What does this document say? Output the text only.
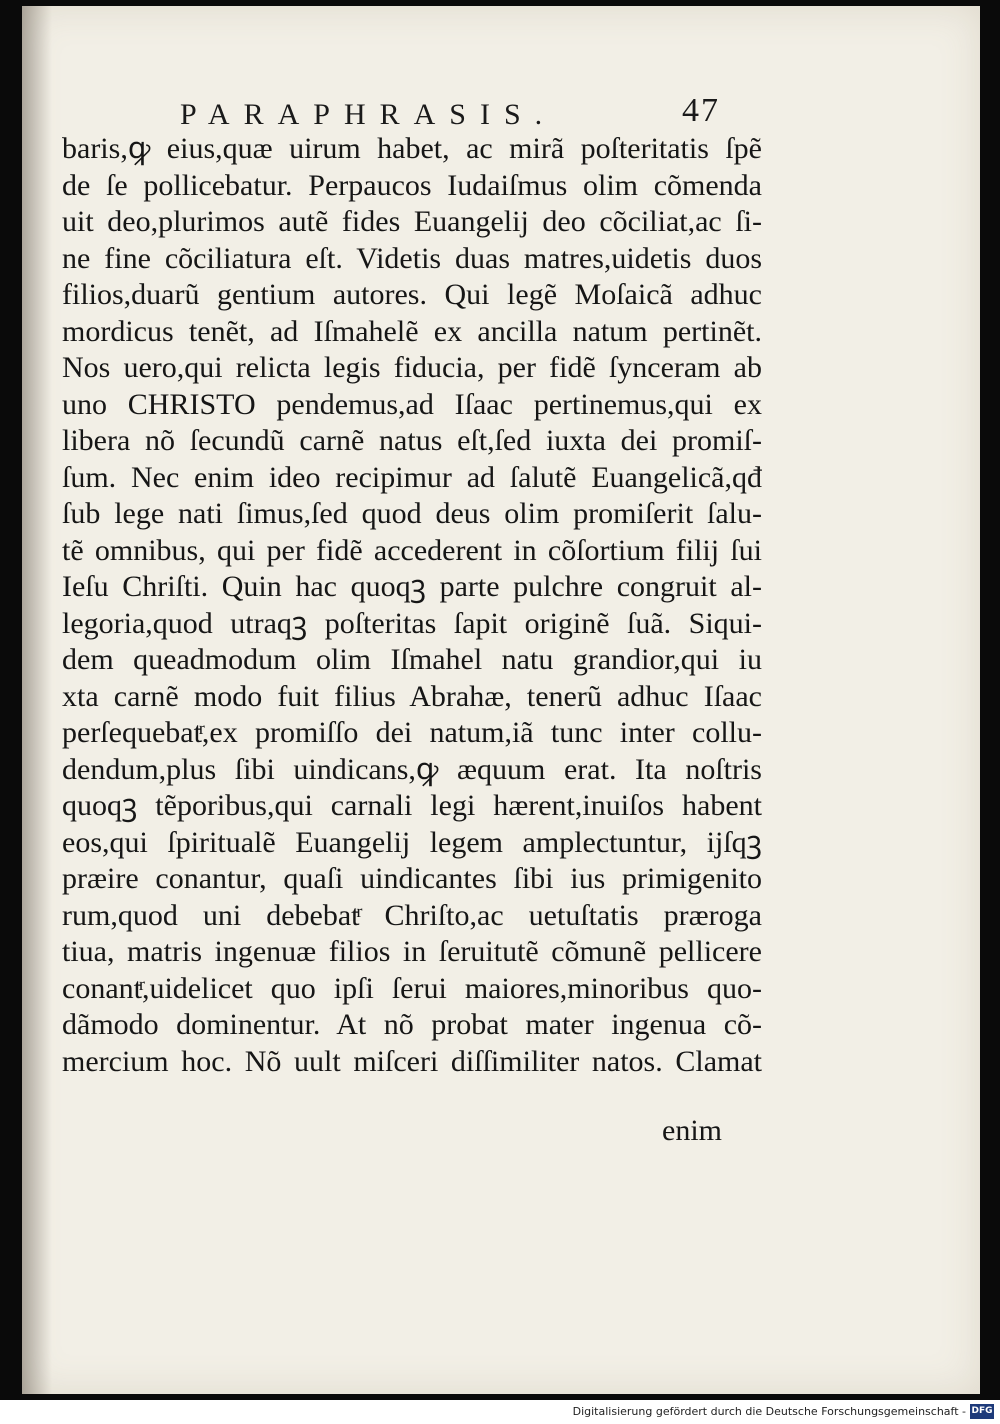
PARAPHRASIS.	47
baris,ꝙ eius,quæ uirum habet, ac mirã poſteritatis ſpẽ
de ſe pollicebatur. Perpaucos Iudaiſmus olim cõmenda
uit deo,plurimos autẽ fides Euangelij deo cõciliat,ac ſi-
ne fine cõciliatura eſt. Videtis duas matres,uidetis duos
filios,duarũ gentium autores. Qui legẽ Moſaicã adhuc
mordicus tenẽt, ad Iſmahelẽ ex ancilla natum pertinẽt.
Nos uero,qui relicta legis fiducia, per fidẽ ſynceram ab
uno CHRISTO pendemus,ad Iſaac pertinemus,qui ex
libera nõ ſecundũ carnẽ natus eſt,ſed iuxta dei promiſ-
ſum. Nec enim ideo recipimur ad ſalutẽ Euangelicã,qđ
ſub lege nati ſimus,ſed quod deus olim promiſerit ſalu-
tẽ omnibus, qui per fidẽ accederent in cõſortium filij ſui
Ieſu Chriſti. Quin hac quoqꝫ parte pulchre congruit al-
legoria,quod utraqꝫ poſteritas ſapit originẽ ſuã. Siqui-
dem queadmodum olim Iſmahel natu grandior,qui iu
xta carnẽ modo fuit filius Abrahæ, tenerũ adhuc Iſaac
perſequebatͬ,ex promiſſo dei natum,iã tunc inter collu-
dendum,plus ſibi uindicans,ꝙ æquum erat. Ita noſtris
quoqꝫ tẽporibus,qui carnali legi hærent,inuiſos habent
eos,qui ſpiritualẽ Euangelij legem amplectuntur, ijſqꝫ
præire conantur, quaſi uindicantes ſibi ius primigenito
rum,quod uni debebatͬ Chriſto,ac uetuſtatis prærogа
tiua, matris ingenuæ filios in ſeruitutẽ cõmunẽ pellicere
conantͬ,uidelicet quo ipſi ſerui maiores,minoribus quo-
dãmodo dominentur. At nõ probat mater ingenua cõ-
mercium hoc. Nõ uult miſceri diſſimiliter natos. Clamat
enim
Digitalisierung gefördert durch die Deutsche Forschungsgemeinschaft - DFG
